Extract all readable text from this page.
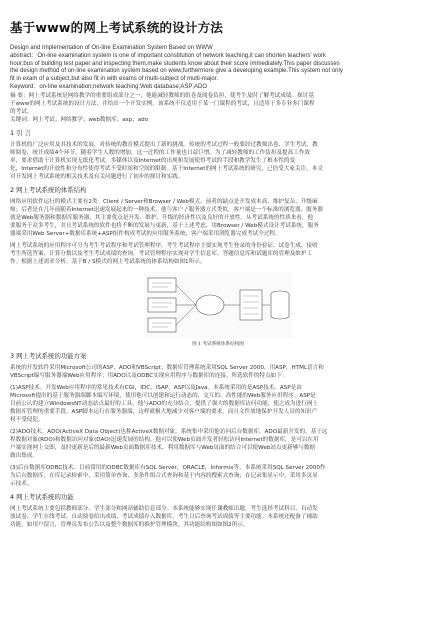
基于www的网上考试系统的设计方法
Design and Implementation of On-line Examination System Based on WWW
abstract：On-line examination system is one of important constitution of network teaching,it can shorten teachers' work
hour,bus of building test paper and inspecting them,make students know about their score immediately.This paper discusses
the design method of on-line examination system based on www,furthermore give a developing example.This system not only
fit in exam of a subject,but also fit in with exams of multi-subject of multi-major.
Keyword：on-line examination;network teaching;Web database;ASP;ADO

摘 要：网上考试系统是网络教学的重要组成部分之一，他能减轻教师的组卷及阅卷负担，使考生及时了解考试成绩。探讨基

于www的网上考试系统的设计方法，并给出一个开发实例。该系统不仅适用于某一门课程的考试，且适用于多专业多门课程

的考试。

关键词：网上考试；网络教学；web数据库；asp；ado

1 引 言

计算机的广泛应用及其技术的发展，对传统的教育模式提出了新的挑战。传统的考试过程一般要经过教师出卷、学生考试、教

师阅卷、统计成绩4个环节，随着学生人数的增加，这一过程的工作量也日益巨增。为了减轻教师的工作负担及提高工作效

率，要求借助于计算机实现无纸化考试。多媒体以及Internet的出现和发展使得考试的手段和教学发生了根本性的变

化，Internet的开放性和分布性使得考试不受时间和空间的限制。基于Internet的网上考试系统的研究，已倍受大家关注。本文

对开发网上考试系统的相关技术及有关问题进行了初步的探讨和实践。

2 网上考试系统的体系结构

网络应用软件运行的模式主要有2类：Client / Server和Browser / Web模式。前者的缺点是开发成本高、维护复杂、升级麻

烦；后者是在几年前随着Internet迅速发展起来的一种技术，他与客户 / 服务器方式类似，客户端是一个标准的浏览器，服务器

就是Web服务器和数据库服务器，其主要优点是开发、维护、升级的经济性以及良好的开放性。从考试系统的性质来看，他

要服务于众多考生，并且考试系统的软件也将不断的发展与更新，基于上述考虑，用Browser / Web模式设计考试系统，服务

器端采用Web Server+数据库系统+ASP组件构成考试的应用服务系统；客户端采用浏览器完成考试全过程。

网上考试系统的应用程序可分为考生考试程序和考试管理程序，考生考试程序主要实现考生登录的身份验证、试卷生成、接收

考生所选答案、计算分数以及考生考试成绩的查询。考试管理程序实现对学生信息库、答题信息库和试题库的管理及维护工

作。根据上述需求分析，基于B / S模式的网上考试系统的体系结构如图1所示。

图 1 考试系统体系结构图
3 网上考试系统的功能方案

系统的开发软件采用Microsoft公司的ASP，ADO和VBScript；数据库管理系统采用SQL Server 2000，用ASP，HTML语言和

VBScript编写服务器端Web应用程序；用ADO以及ODBC实现应用程序与数据库的连接。所选软件的特点如下：

(1)ASP技术。开发Web应用程序的常见技术有CGI，IDC，ISAP，ASP以及Java。本系统采用的是ASP技术。ASP是由

Microsoft提出的基于服务器端脚本编写环境，使用他可以创建和运行动态的、交互的、高性能的Web服务应用程序。ASP是

目前公认的建立WindowsNT动态站点最好的工具，他与ADO的充分结合，提供了强大的数据库访问功能，使之成为进行网上

数据库管理的重要手段。ASP脚本运行在服务器端，这样就极大地减少对客户端的要求，而且文件放地保护开发人员的知识产

权不受侵犯。

(2)ADO技术。ADO(ActiveX Data Object)也称ActiveX数据对象，系统集中采用他访问后台数据库。ADO最新开发的，基于远

程数据对象(RDO)和数据访问对象(DAO)迅速发展的结构，他可以使Web页面开发者轻松访问Internet的数据库，是可以在用

户端实现网上交即，及时更新是后的最新Web页面数据库技术，利用数据库与Web页面的结合可以使Web站点更新够与数据

做出集成。

(3)后台数据库ODBC技术。目前常用的ODBC数据库有SQL Server，ORACLE，Informix等，本系统采用SQL Server 2000作

为后台数据库，在库记录检索中，采用简单查询、多条件组合式查询和基于内容的搜索式查询；在记录集显示中，采用多页显

示技术。

4 网上考试系统的功能

网上考试系统主要包括教师部分、学生部分和网站辅助信息部分。本系统能够实现任课教师出题、考生选择考试科目、自动发

放试卷、学生在线考试、自动阅卷给出成绩、考试成绩存入数据库、考生日后查询考试成绩等主要功能。本系统还配备了辅助

功能，如用户留言，管理员发布公告以及整个数据库的维护管理模块，其功能结构图如图2所示。
